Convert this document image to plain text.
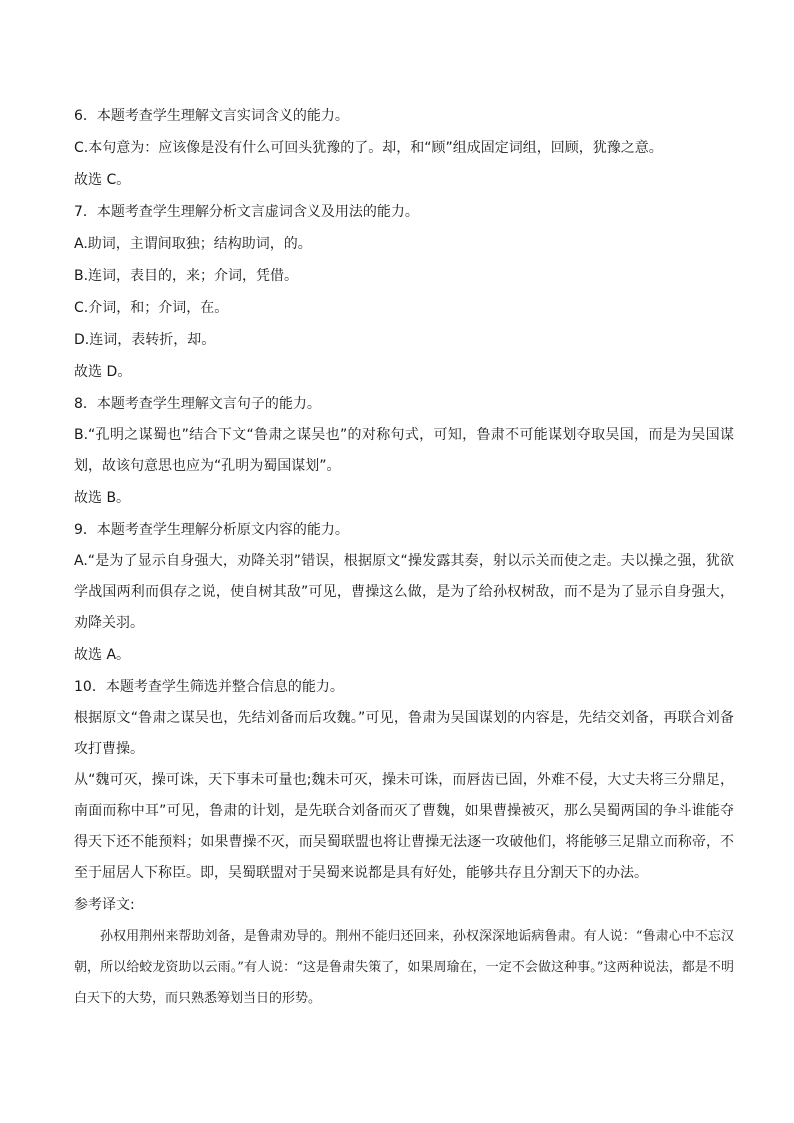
6．本题考查学生理解文言实词含义的能力。

C.本句意为：应该像是没有什么可回头犹豫的了。却，和“顾”组成固定词组，回顾，犹豫之意。

故选 C。

7．本题考查学生理解分析文言虚词含义及用法的能力。

A.助词，主谓间取独；结构助词，的。

B.连词，表目的，来；介词，凭借。

C.介词，和；介词，在。

D.连词，表转折，却。

故选 D。

8．本题考查学生理解文言句子的能力。

B.“孔明之谋蜀也”结合下文“鲁肃之谋吴也”的对称句式，可知，鲁肃不可能谋划夺取吴国，而是为吴国谋划，故该句意思也应为“孔明为蜀国谋划”。

故选 B。

9．本题考查学生理解分析原文内容的能力。

A.“是为了显示自身强大，劝降关羽”错误，根据原文“操发露其奏，射以示关而使之走。夫以操之强，犹欲学战国两利而俱存之说，使自树其敌”可见，曹操这么做，是为了给孙权树敌，而不是为了显示自身强大，劝降关羽。

故选 A。

10．本题考查学生筛选并整合信息的能力。

根据原文“鲁肃之谋吴也，先结刘备而后攻魏。”可见，鲁肃为吴国谋划的内容是，先结交刘备，再联合刘备攻打曹操。

从“魏可灭，操可诛，天下事未可量也;魏未可灭，操未可诛，而唇齿已固，外难不侵，大丈夫将三分鼎足，南面而称中耳”可见，鲁肃的计划，是先联合刘备而灭了曹魏，如果曹操被灭，那么吴蜀两国的争斗谁能夺得天下还不能预料；如果曹操不灭，而吴蜀联盟也将让曹操无法逐一攻破他们，将能够三足鼎立而称帝，不至于屈居人下称臣。即，吴蜀联盟对于吴蜀来说都是具有好处，能够共存且分割天下的办法。

参考译文:

孙权用荆州来帮助刘备，是鲁肃劝导的。荆州不能归还回来，孙权深深地诟病鲁肃。有人说：“鲁肃心中不忘汉朝，所以给蛟龙资助以云雨。”有人说：“这是鲁肃失策了，如果周瑜在，一定不会做这种事。”这两种说法，都是不明白天下的大势，而只熟悉筹划当日的形势。
